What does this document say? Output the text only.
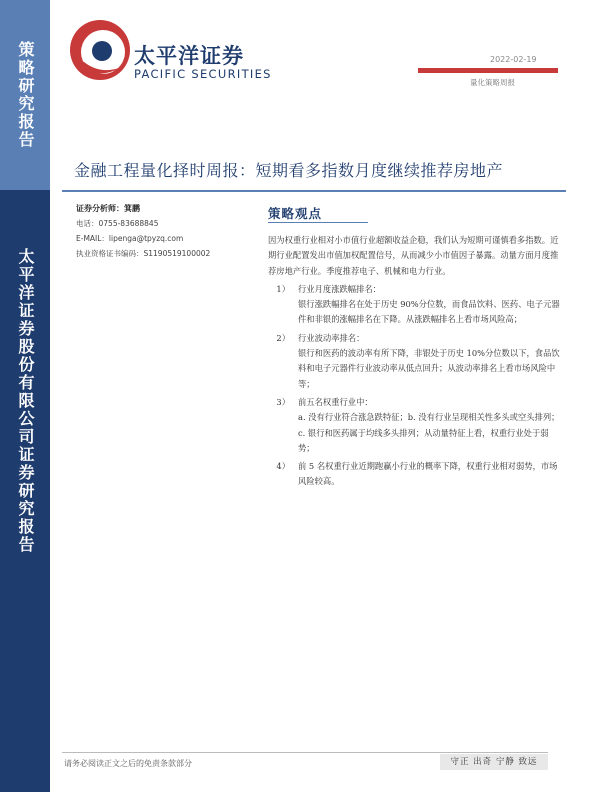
策略研究报告
太平洋证券股份有限公司证券研究报告
太平洋证券
PACIFIC SECURITIES
2022-02-19
量化策略周报
金融工程量化择时周报：短期看多指数月度继续推荐房地产
证券分析师：箕鹏
电话：0755-83688845
E-MAIL：lipenga@tpyzq.com
执业资格证书编码：S1190519100002
策略观点

因为权重行业相对小市值行业超额收益企稳，我们认为短期可谨慎看多指数。近期行业配置发出市值加权配置信号，从而减少小市值因子暴露。动量方面月度推荐房地产行业。季度推荐电子、机械和电力行业。

1） 行业月度涨跌幅排名：

银行涨跌幅排名在处于历史 90%分位数，而食品饮料、医药、电子元器件和非银的涨幅排名在下降。从涨跌幅排名上看市场风险高；

2） 行业波动率排名：

银行和医药的波动率有所下降，非银处于历史 10%分位数以下，食品饮料和电子元器件行业波动率从低点回升；从波动率排名上看市场风险中等；

3） 前五名权重行业中：

a. 没有行业符合涨急跌特征；b. 没有行业呈现相关性多头或空头排列；c. 银行和医药属于均线多头排列；从动量特征上看，权重行业处于弱势；

4） 前 5 名权重行业近期跑赢小行业的概率下降，权重行业相对弱势，市场风险较高。
请务必阅读正文之后的免责条款部分	守正 出奇 宁静 致远
